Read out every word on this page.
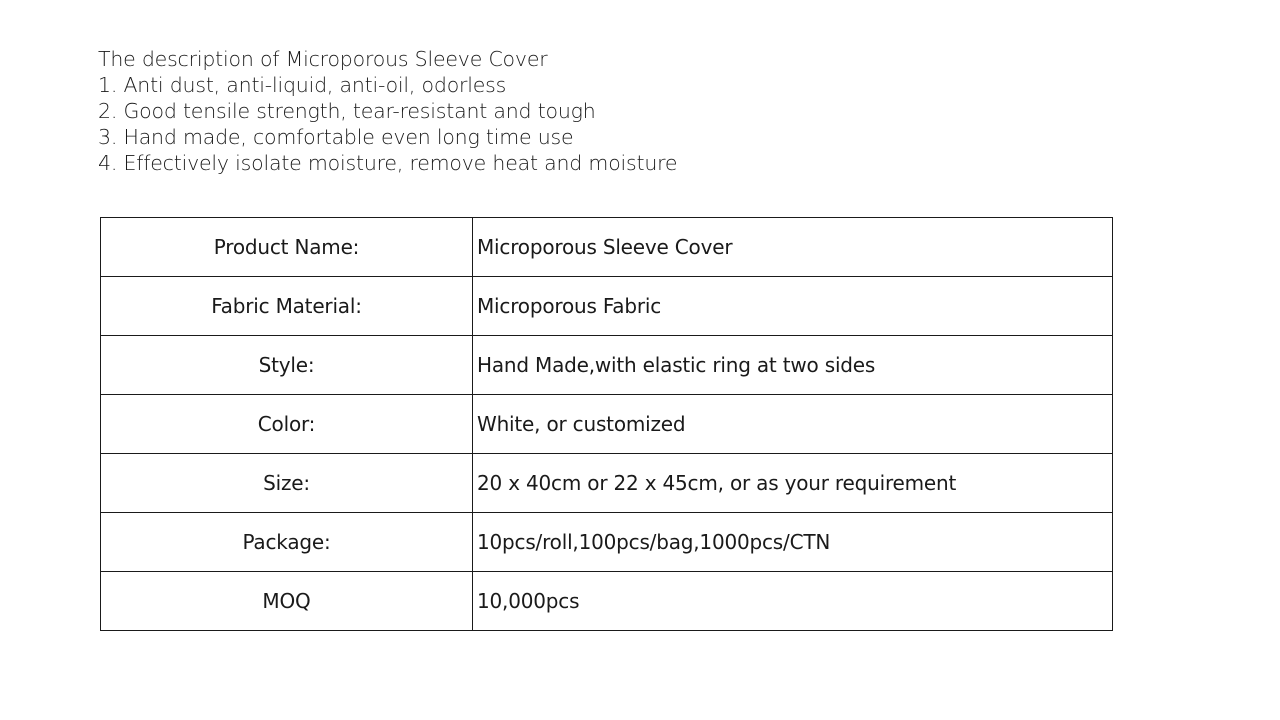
The description of Microporous Sleeve Cover
1. Anti dust, anti-liquid, anti-oil, odorless
2. Good tensile strength, tear-resistant and tough
3. Hand made, comfortable even long time use
4. Effectively isolate moisture, remove heat and moisture
Product Name:	Microporous Sleeve Cover
Fabric Material:	Microporous Fabric
Style:	Hand Made,with elastic ring at two sides
Color:	White, or customized
Size:	20 x 40cm or 22 x 45cm, or as your requirement
Package:	10pcs/roll,100pcs/bag,1000pcs/CTN
MOQ	10,000pcs
